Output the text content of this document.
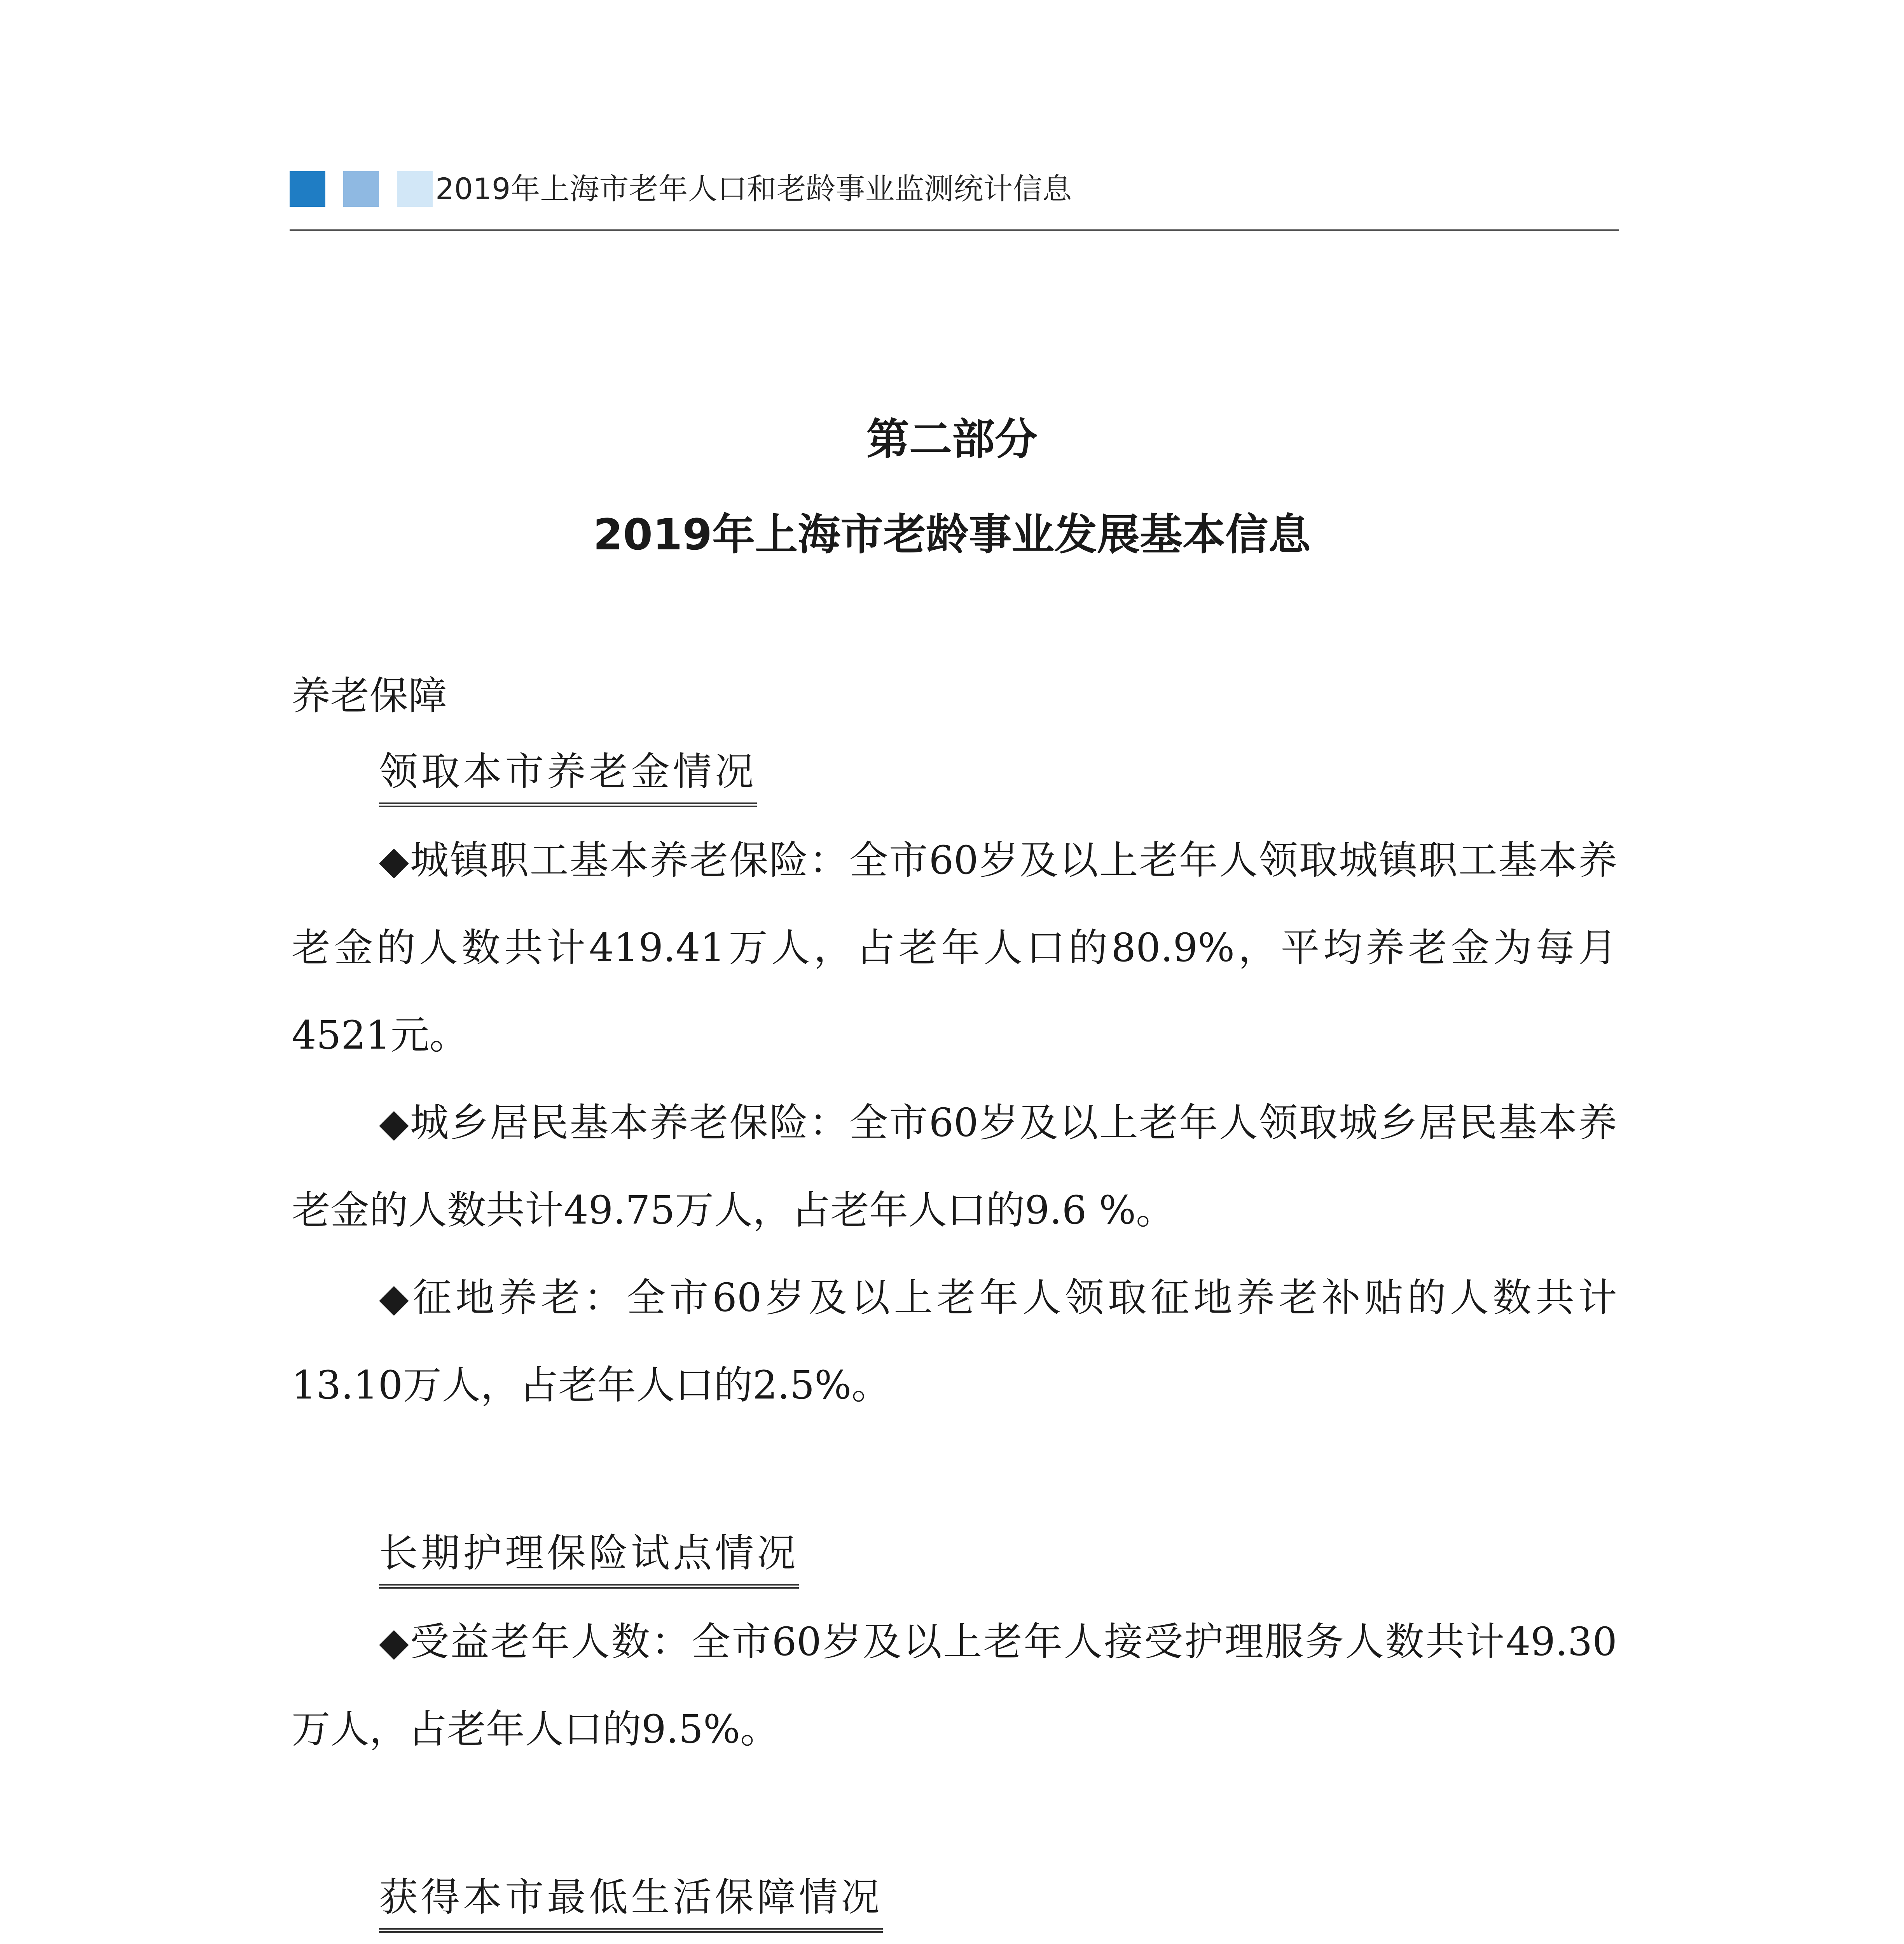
2019年上海市老年人口和老龄事业监测统计信息
第二部分
2019年上海市老龄事业发展基本信息
养老保障
领取本市养老金情况

◆城镇职工基本养老保险：全市60岁及以上老年人领取城镇职工基本养老金的人数共计419.41万人，占老年人口的80.9%，平均养老金为每月4521元。

◆城乡居民基本养老保险：全市60岁及以上老年人领取城乡居民基本养老金的人数共计49.75万人，占老年人口的9.6 %。

◆征地养老：全市60岁及以上老年人领取征地养老补贴的人数共计13.10万人，占老年人口的2.5%。

长期护理保险试点情况

◆受益老年人数：全市60岁及以上老年人接受护理服务人数共计49.30万人，占老年人口的9.5%。

获得本市最低生活保障情况
